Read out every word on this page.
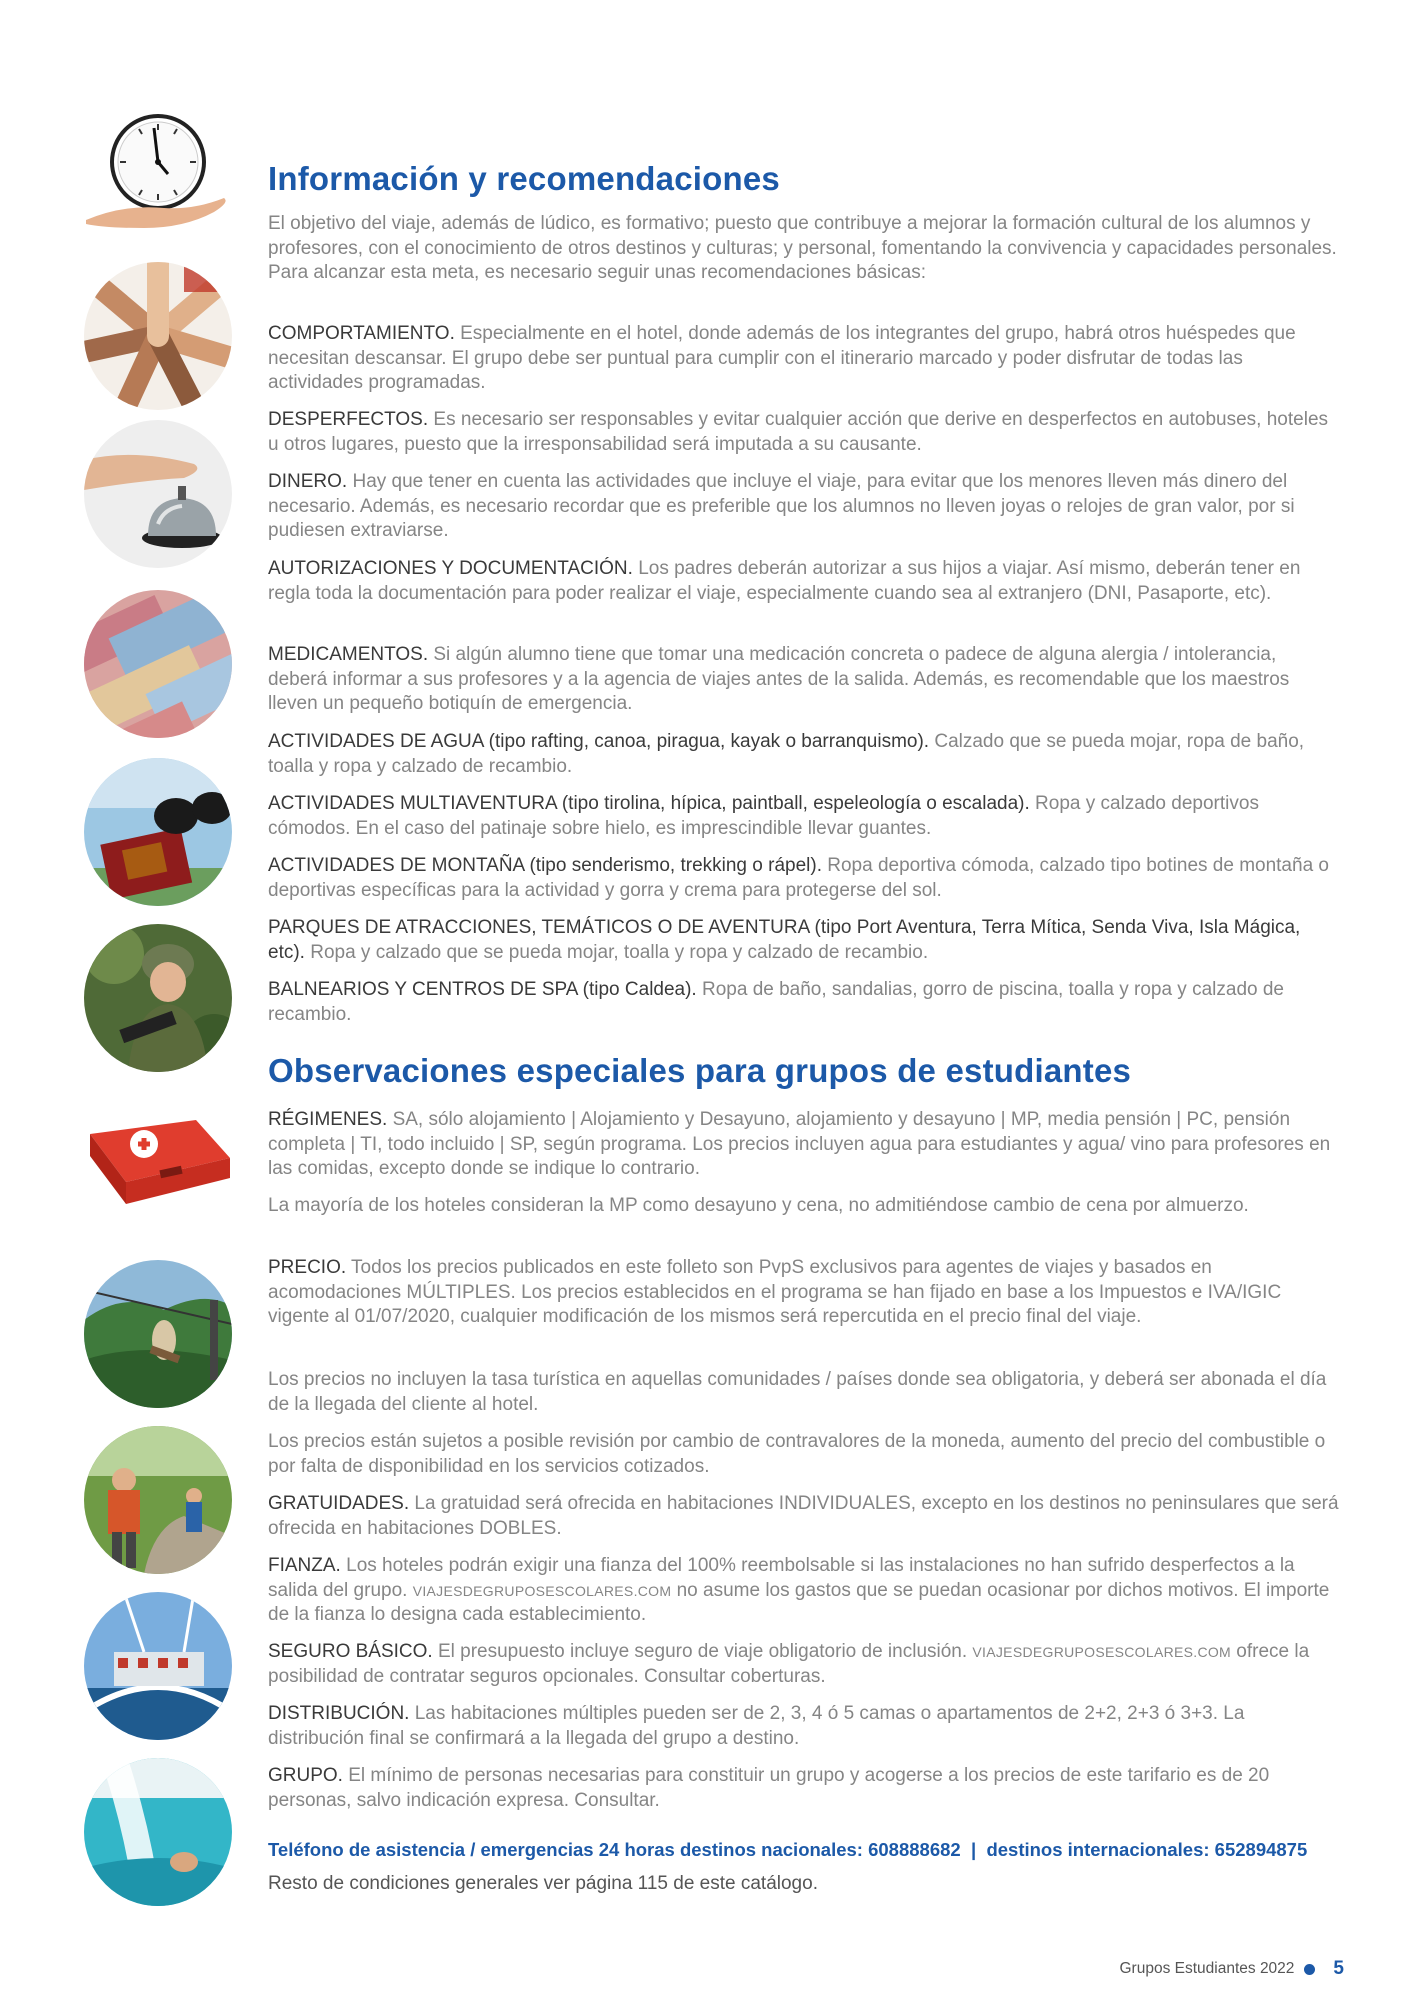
Información y recomendaciones

El objetivo del viaje, además de lúdico, es formativo; puesto que contribuye a mejorar la formación cultural de los alumnos y profesores, con el conocimiento de otros destinos y culturas; y personal, fomentando la convivencia y capacidades personales. Para alcanzar esta meta, es necesario seguir unas recomendaciones básicas:

COMPORTAMIENTO. Especialmente en el hotel, donde además de los integrantes del grupo, habrá otros huéspedes que necesitan descansar. El grupo debe ser puntual para cumplir con el itinerario marcado y poder disfrutar de todas las actividades programadas.

DESPERFECTOS. Es necesario ser responsables y evitar cualquier acción que derive en desperfectos en autobuses, hoteles u otros lugares, puesto que la irresponsabilidad será imputada a su causante.

DINERO. Hay que tener en cuenta las actividades que incluye el viaje, para evitar que los menores lleven más dinero del necesario. Además, es necesario recordar que es preferible que los alumnos no lleven joyas o relojes de gran valor, por si pudiesen extraviarse.

AUTORIZACIONES Y DOCUMENTACIÓN. Los padres deberán autorizar a sus hijos a viajar. Así mismo, deberán tener en regla toda la documentación para poder realizar el viaje, especialmente cuando sea al extranjero (DNI, Pasaporte, etc).

MEDICAMENTOS. Si algún alumno tiene que tomar una medicación concreta o padece de alguna alergia / intolerancia, deberá informar a sus profesores y a la agencia de viajes antes de la salida. Además, es recomendable que los maestros lleven un pequeño botiquín de emergencia.

ACTIVIDADES DE AGUA (tipo rafting, canoa, piragua, kayak o barranquismo). Calzado que se pueda mojar, ropa de baño, toalla y ropa y calzado de recambio.

ACTIVIDADES MULTIAVENTURA (tipo tirolina, hípica, paintball, espeleología o escalada). Ropa y calzado deportivos cómodos. En el caso del patinaje sobre hielo, es imprescindible llevar guantes.

ACTIVIDADES DE MONTAÑA (tipo senderismo, trekking o rápel). Ropa deportiva cómoda, calzado tipo botines de montaña o deportivas específicas para la actividad y gorra y crema para protegerse del sol.

PARQUES DE ATRACCIONES, TEMÁTICOS O DE AVENTURA (tipo Port Aventura, Terra Mítica, Senda Viva, Isla Mágica, etc). Ropa y calzado que se pueda mojar, toalla y ropa y calzado de recambio.

BALNEARIOS Y CENTROS DE SPA (tipo Caldea). Ropa de baño, sandalias, gorro de piscina, toalla y ropa y calzado de recambio.

Observaciones especiales para grupos de estudiantes

RÉGIMENES. SA, sólo alojamiento | Alojamiento y Desayuno, alojamiento y desayuno | MP, media pensión | PC, pensión completa | TI, todo incluido | SP, según programa. Los precios incluyen agua para estudiantes y agua/ vino para profesores en las comidas, excepto donde se indique lo contrario.

La mayoría de los hoteles consideran la MP como desayuno y cena, no admitiéndose cambio de cena por almuerzo.

PRECIO. Todos los precios publicados en este folleto son PvpS exclusivos para agentes de viajes y basados en acomodaciones MÚLTIPLES. Los precios establecidos en el programa se han fijado en base a los Impuestos e IVA/IGIC vigente al 01/07/2020, cualquier modificación de los mismos será repercutida en el precio final del viaje.

Los precios no incluyen la tasa turística en aquellas comunidades / países donde sea obligatoria, y deberá ser abonada el día de la llegada del cliente al hotel.

Los precios están sujetos a posible revisión por cambio de contravalores de la moneda, aumento del precio del combustible o por falta de disponibilidad en los servicios cotizados.

GRATUIDADES. La gratuidad será ofrecida en habitaciones INDIVIDUALES, excepto en los destinos no peninsulares que será ofrecida en habitaciones DOBLES.

FIANZA. Los hoteles podrán exigir una fianza del 100% reembolsable si las instalaciones no han sufrido desperfectos a la salida del grupo. VIAJESDEGRUPOSESCOLARES.COM no asume los gastos que se puedan ocasionar por dichos motivos. El importe de la fianza lo designa cada establecimiento.

SEGURO BÁSICO. El presupuesto incluye seguro de viaje obligatorio de inclusión. VIAJESDEGRUPOSESCOLARES.COM ofrece la posibilidad de contratar seguros opcionales. Consultar coberturas.

DISTRIBUCIÓN. Las habitaciones múltiples pueden ser de 2, 3, 4 ó 5 camas o apartamentos de 2+2, 2+3 ó 3+3. La distribución final se confirmará a la llegada del grupo a destino.

GRUPO. El mínimo de personas necesarias para constituir un grupo y acogerse a los precios de este tarifario es de 20 personas, salvo indicación expresa. Consultar.

Teléfono de asistencia / emergencias 24 horas destinos nacionales: 608888682  |  destinos internacionales: 652894875

Resto de condiciones generales ver página 115 de este catálogo.

Grupos Estudiantes 2022 5
